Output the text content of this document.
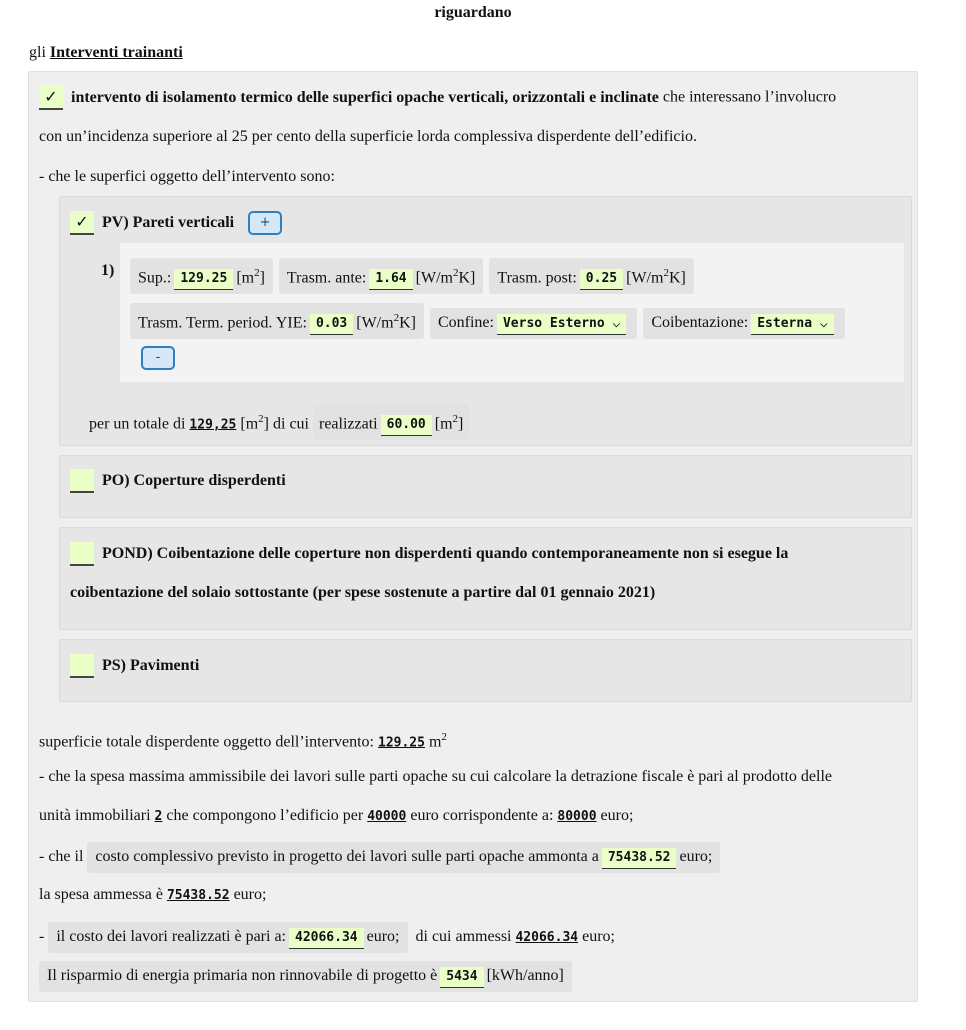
riguardano
gli Interventi trainanti
✓ intervento di isolamento termico delle superfici opache verticali, orizzontali e inclinate che interessano l’involucro
con un’incidenza superiore al 25 per cento della superficie lorda complessiva disperdente dell’edificio.
- che le superfici oggetto dell’intervento sono:
✓ PV) Pareti verticali +
1)	Sup.: 129.25 $[m^2]$ Trasm. ante: 1.64 $[W/m^2K]$ Trasm. post: 0.25 $[W/m^2K]$
Trasm. Term. period. YIE: 0.03 $[W/m^2K]$ Confine: Verso Esterno ⌵	Coibentazione: Esterna ⌵
-
per un totale di 129,25 $[m^2]$ di cui realizzati 60.00 $[m^2]$
PO) Coperture disperdenti
POND) Coibentazione delle coperture non disperdenti quando contemporaneamente non si esegue la
coibentazione del solaio sottostante (per spese sostenute a partire dal 01 gennaio 2021)
PS) Pavimenti
superficie totale disperdente oggetto dell’intervento: 129.25 $m^2$
- che la spesa massima ammissibile dei lavori sulle parti opache su cui calcolare la detrazione fiscale è pari al prodotto delle
unità immobiliari 2 che compongono l’edificio per 40000 euro corrispondente a: 80000 euro;
- che il costo complessivo previsto in progetto dei lavori sulle parti opache ammonta a 75438.52 euro;
la spesa ammessa è 75438.52 euro;
- il costo dei lavori realizzati è pari a: 42066.34 euro; di cui ammessi 42066.34 euro;
Il risparmio di energia primaria non rinnovabile di progetto è 5434 [kWh/anno]
